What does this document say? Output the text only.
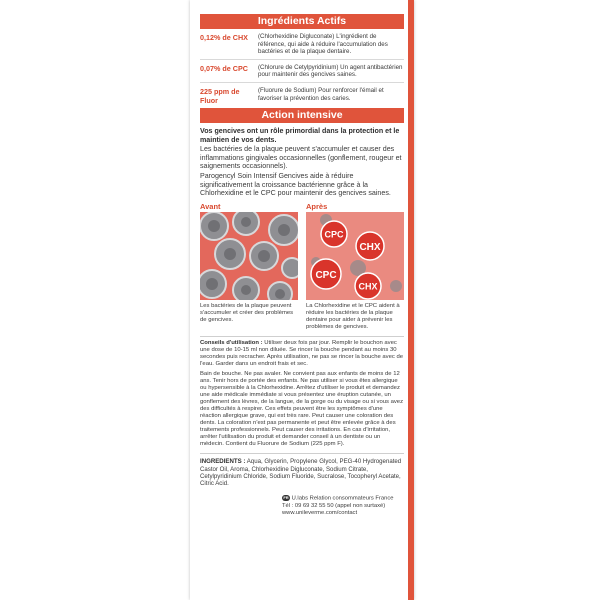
Ingrédients Actifs
0,12% de CHX	(Chlorhexidine Digluconate) L'ingrédient de référence, qui aide à réduire l'accumulation des bactéries et de la plaque dentaire.
0,07% de CPC	(Chlorure de Cetylpyridinium) Un agent antibactérien pour maintenir des gencives saines.
225 ppm de Fluor
(Fluorure de Sodium) Pour renforcer l'émail et favoriser la prévention des caries.
Action intensive
Vos gencives ont un rôle primordial dans la protection et le maintien de vos dents.
Les bactéries de la plaque peuvent s'accumuler et causer des inflammations gingivales occasionnelles (gonflement, rougeur et saignements occasionnels).
Parogencyl Soin Intensif Gencives aide à réduire significativement la croissance bactérienne grâce à la Chlorhexidine et le CPC pour maintenir des gencives saines.
Avant
Les bactéries de la plaque peuvent s'accumuler et créer des problèmes de gencives.
Après
CPC
CHX
CPC
CHX
La Chlorhexidine et le CPC aident à réduire les bactéries de la plaque dentaire pour aider à prévenir les problèmes de gencives.

Conseils d'utilisation : Utiliser deux fois par jour. Remplir le bouchon avec une dose de 10-15 ml non diluée. Se rincer la bouche pendant au moins 30 secondes puis recracher. Après utilisation, ne pas se rincer la bouche avec de l'eau. Garder dans un endroit frais et sec.

Bain de bouche. Ne pas avaler. Ne convient pas aux enfants de moins de 12 ans. Tenir hors de portée des enfants. Ne pas utiliser si vous êtes allergique ou hypersensible à la Chlorhexidine. Arrêtez d'utiliser le produit et demandez une aide médicale immédiate si vous présentez une éruption cutanée, un gonflement des lèvres, de la langue, de la gorge ou du visage ou si vous avez des difficultés à respirer. Ces effets peuvent être les symptômes d'une réaction allergique grave, qui est très rare. Peut causer une coloration des dents. La coloration n'est pas permanente et peut être enlevée grâce à des traitements professionnels. Peut causer des irritations. En cas d'irritation, arrêter l'utilisation du produit et demander conseil à un dentiste ou un médecin. Contient du Fluorure de Sodium (225 ppm F).

INGREDIENTS : Aqua, Glycerin, Propylene Glycol, PEG-40 Hydrogenated Castor Oil, Aroma, Chlorhexidine Digluconate, Sodium Citrate, Cetylpyridinium Chloride, Sodium Fluoride, Sucralose, Tocopheryl Acetate, Citric Acid.
FR U.labs Relation consommateurs France
Tél : 09 69 32 55 50 (appel non surtaxé)
www.unileverme.com/contact
